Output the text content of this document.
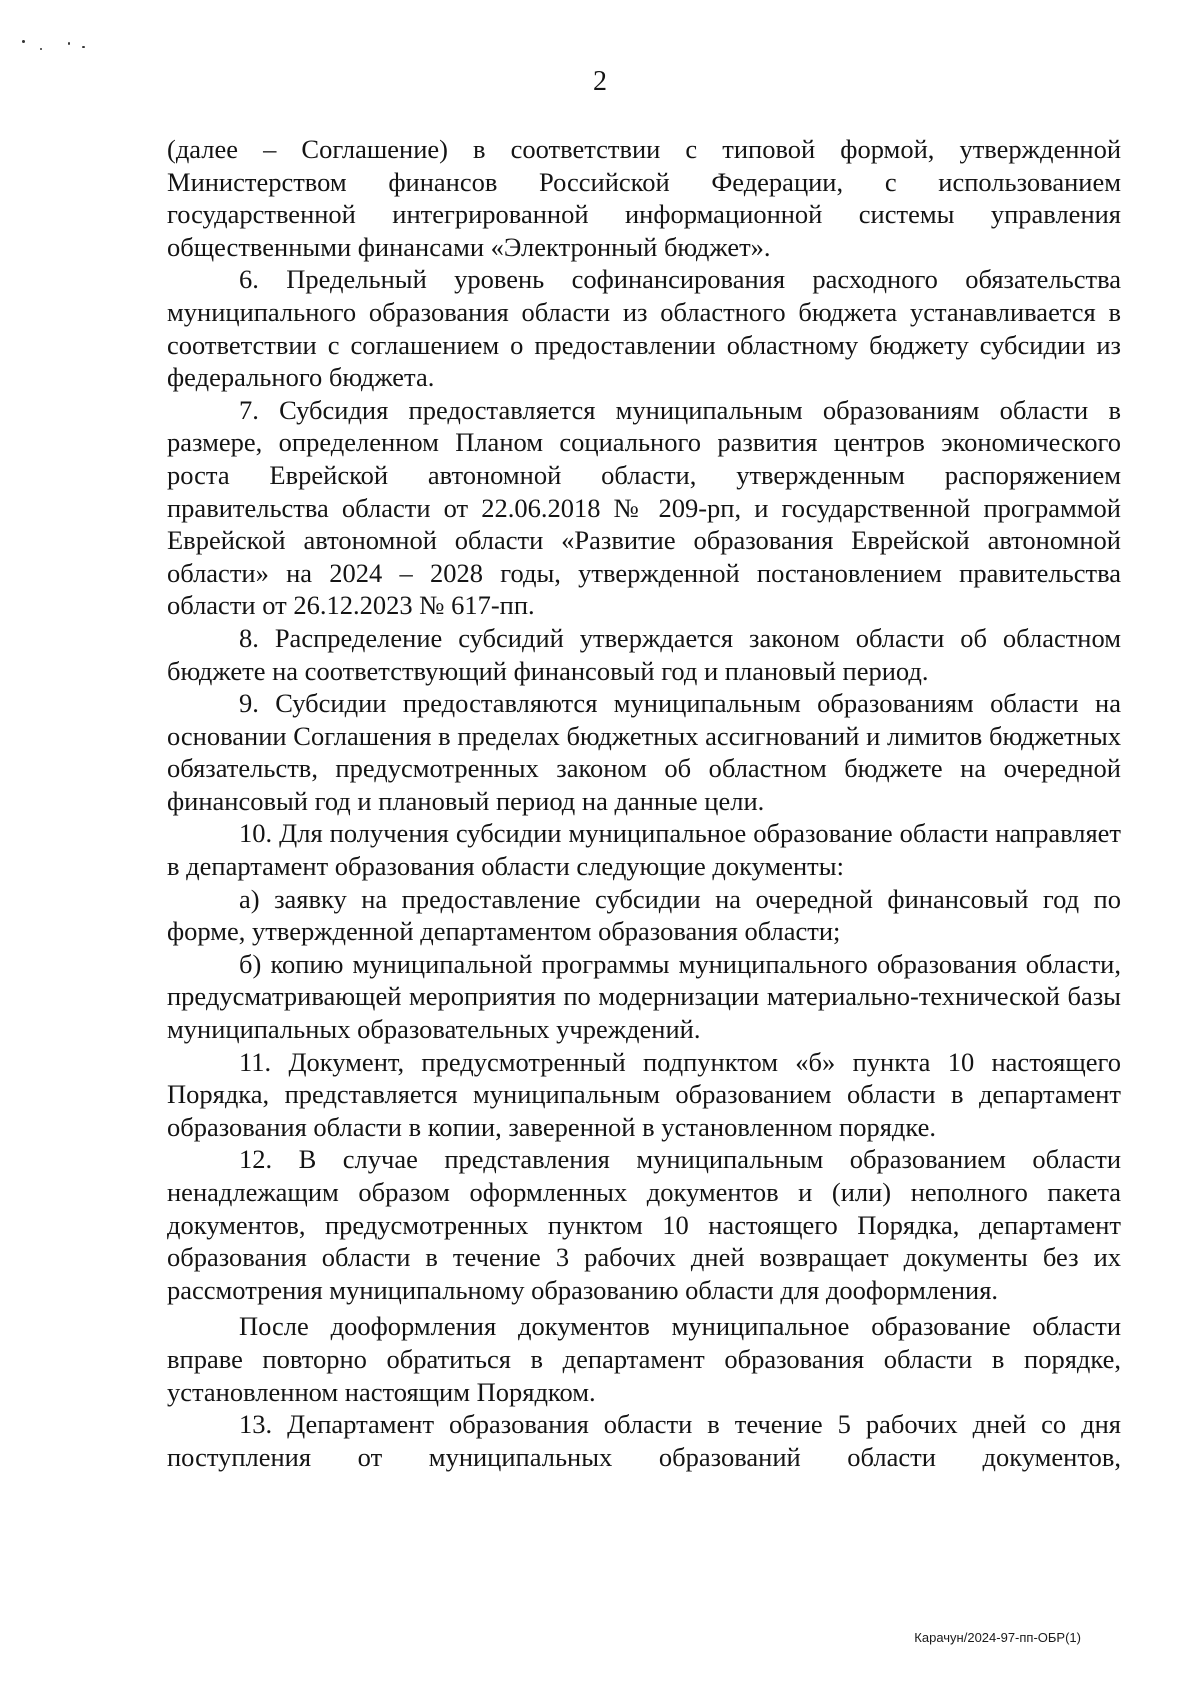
2

(далее – Соглашение) в соответствии с типовой формой, утвержденной Министерством финансов Российской Федерации, с использованием государственной интегрированной информационной системы управления общественными финансами «Электронный бюджет».

6. Предельный уровень софинансирования расходного обязательства муниципального образования области из областного бюджета устанавливается в соответствии с соглашением о предоставлении областному бюджету субсидии из федерального бюджета.

7. Субсидия предоставляется муниципальным образованиям области в размере, определенном Планом социального развития центров экономического роста Еврейской автономной области, утвержденным распоряжением правительства области от 22.06.2018 № 209-рп, и государственной программой Еврейской автономной области «Развитие образования Еврейской автономной области» на 2024 – 2028 годы, утвержденной постановлением правительства области от 26.12.2023 № 617-пп.

8. Распределение субсидий утверждается законом области об областном бюджете на соответствующий финансовый год и плановый период.

9. Субсидии предоставляются муниципальным образованиям области на основании Соглашения в пределах бюджетных ассигнований и лимитов бюджетных обязательств, предусмотренных законом об областном бюджете на очередной финансовый год и плановый период на данные цели.

10. Для получения субсидии муниципальное образование области направляет в департамент образования области следующие документы:

а) заявку на предоставление субсидии на очередной финансовый год по форме, утвержденной департаментом образования области;

б) копию муниципальной программы муниципального образования области, предусматривающей мероприятия по модернизации материально-технической базы муниципальных образовательных учреждений.

11. Документ, предусмотренный подпунктом «б» пункта 10 настоящего Порядка, представляется муниципальным образованием области в департамент образования области в копии, заверенной в установленном порядке.

12. В случае представления муниципальным образованием области ненадлежащим образом оформленных документов и (или) неполного пакета документов, предусмотренных пунктом 10 настоящего Порядка, департамент образования области в течение 3 рабочих дней возвращает документы без их рассмотрения муниципальному образованию области для дооформления.

После дооформления документов муниципальное образование области вправе повторно обратиться в департамент образования области в порядке, установленном настоящим Порядком.

13. Департамент образования области в течение 5 рабочих дней со дня поступления от муниципальных образований области документов,

Карачун/2024-97-пп-ОБР(1)
